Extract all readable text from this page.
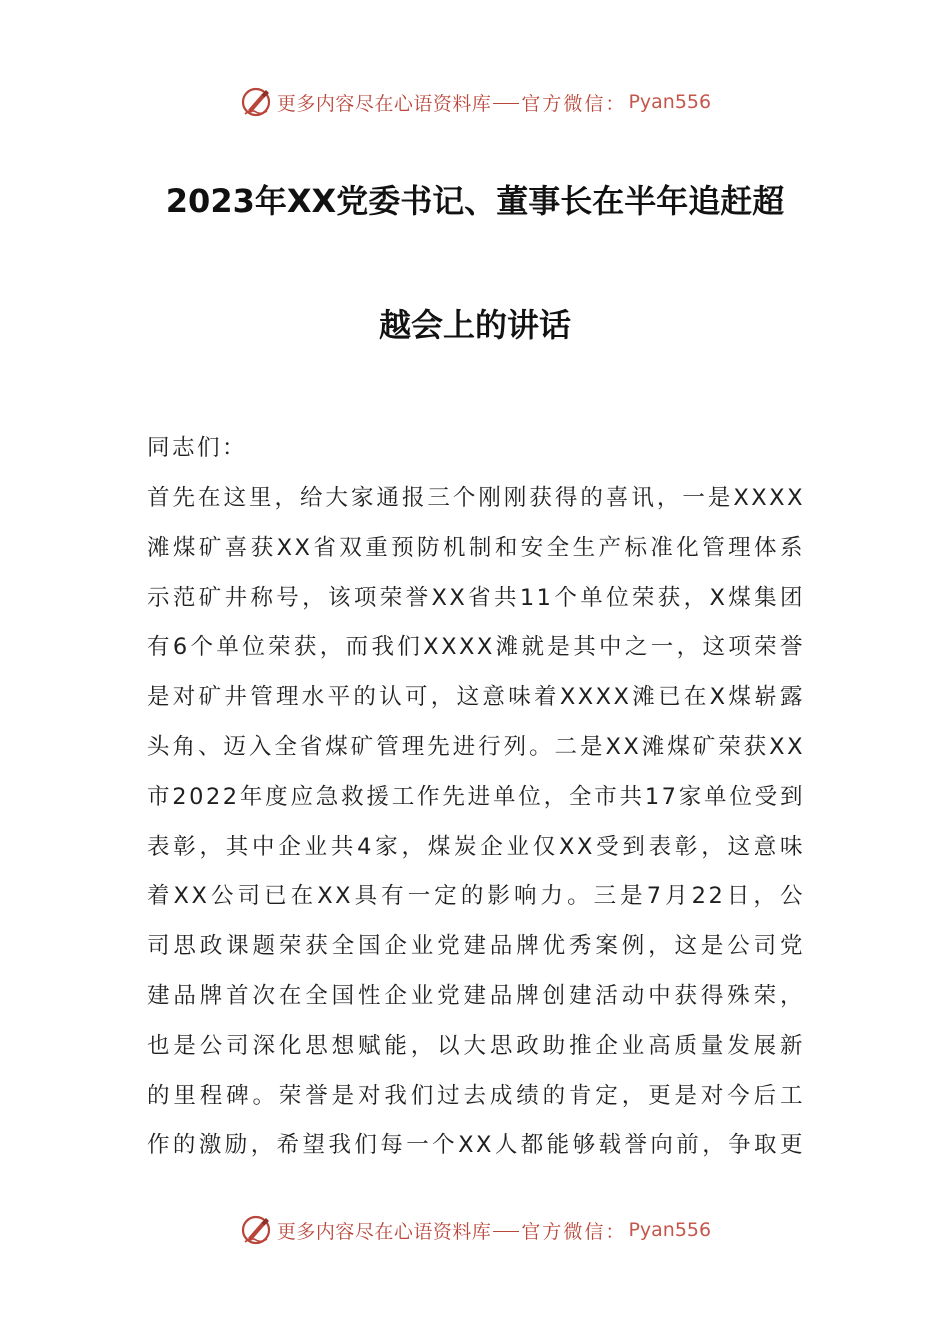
更多内容尽在心语资料库 官方微信： Pyan556
2023年XX党委书记、董事长在半年追赶超
越会上的讲话
同志们：
首先在这里，给大家通报三个刚刚获得的喜讯，一是XXXX
滩煤矿喜获XX省双重预防机制和安全生产标准化管理体系
示范矿井称号，该项荣誉XX省共11个单位荣获，X煤集团
有6个单位荣获，而我们XXXX滩就是其中之一，这项荣誉
是对矿井管理水平的认可，这意味着XXXX滩已在X煤崭露
头角、迈入全省煤矿管理先进行列。二是XX滩煤矿荣获XX
市2022年度应急救援工作先进单位，全市共17家单位受到
表彰，其中企业共4家，煤炭企业仅XX受到表彰，这意味
着XX公司已在XX具有一定的影响力。三是7月22日，公
司思政课题荣获全国企业党建品牌优秀案例，这是公司党
建品牌首次在全国性企业党建品牌创建活动中获得殊荣，
也是公司深化思想赋能，以大思政助推企业高质量发展新
的里程碑。荣誉是对我们过去成绩的肯定，更是对今后工
作的激励，希望我们每一个XX人都能够载誉向前，争取更
更多内容尽在心语资料库 官方微信： Pyan556
